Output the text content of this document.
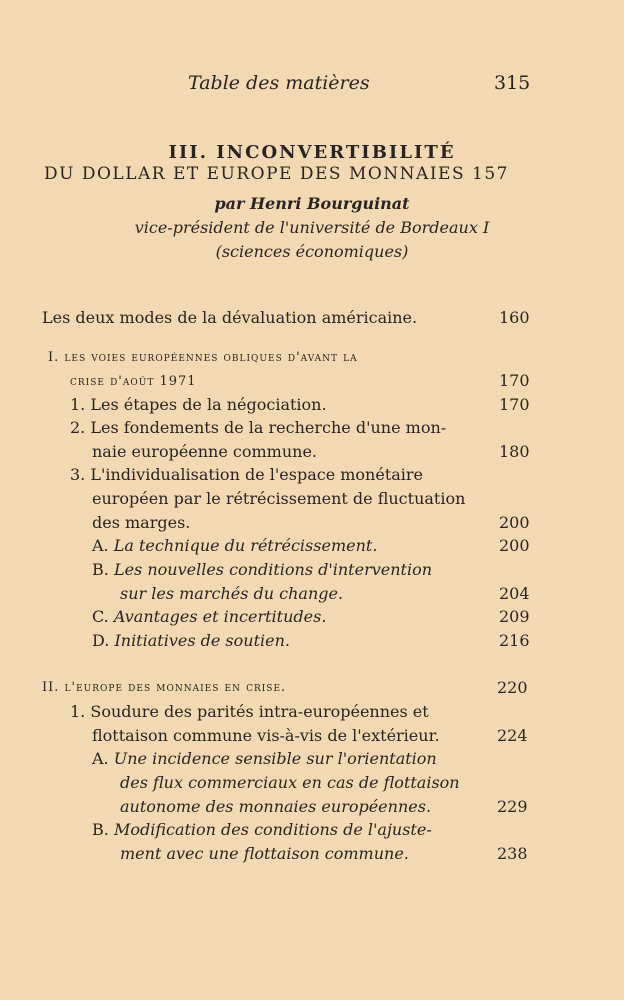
Table des matières	315
III. INCONVERTIBILITÉ
DU DOLLAR ET EUROPE DES MONNAIES 157
par Henri Bourguinat
vice-président de l'université de Bordeaux I
(sciences économiques)
Les deux modes de la dévaluation américaine.	160
I. les voies européennes obliques d'avant la
crise d'août 1971	170
1. Les étapes de la négociation.	170
2. Les fondements de la recherche d'une mon-
naie européenne commune.	180
3. L'individualisation de l'espace monétaire
européen par le rétrécissement de fluctuation
des marges.	200
A. La technique du rétrécissement.	200
B. Les nouvelles conditions d'intervention
sur les marchés du change.	204
C. Avantages et incertitudes.	209
D. Initiatives de soutien.	216
II. l'europe des monnaies en crise.	220
1. Soudure des parités intra-européennes et
flottaison commune vis-à-vis de l'extérieur.	224
A. Une incidence sensible sur l'orientation
des flux commerciaux en cas de flottaison
autonome des monnaies européennes.	229
B. Modification des conditions de l'ajuste-
ment avec une flottaison commune.	238
